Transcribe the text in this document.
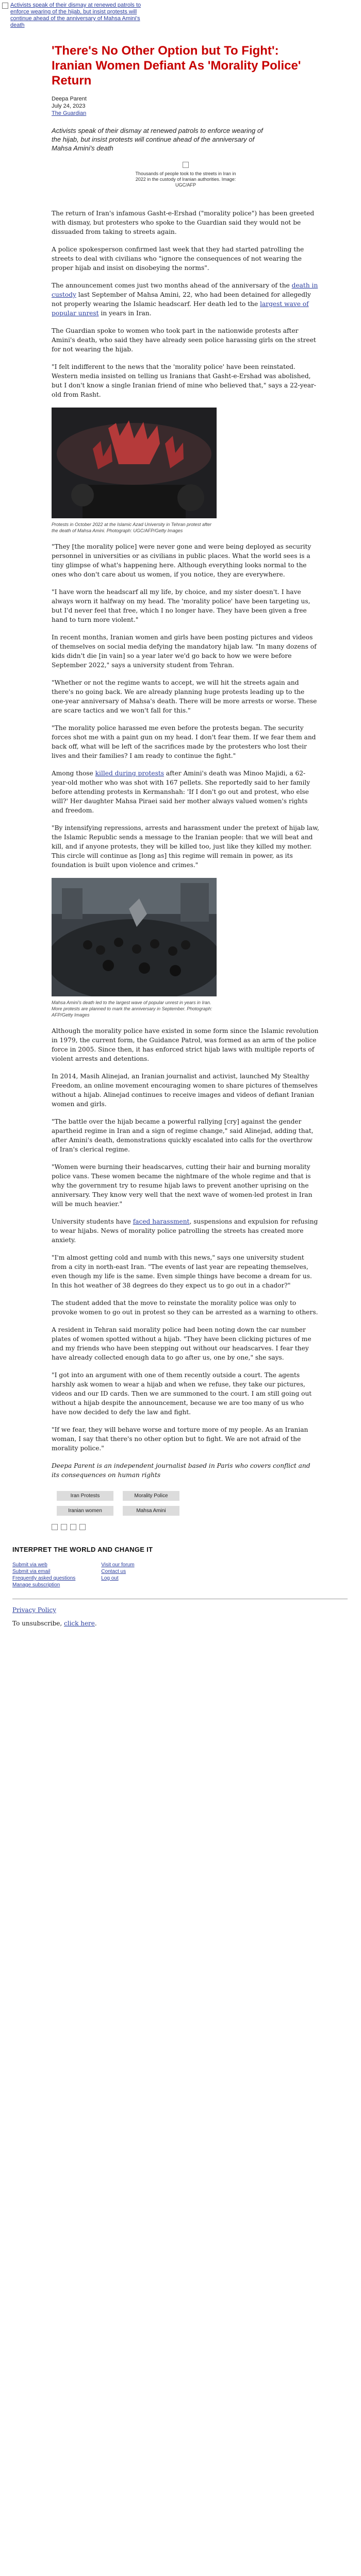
Activists speak of their dismay at renewed patrols to enforce wearing of the hijab, but insist protests will continue ahead of the anniversary of Mahsa Amini's death
'There's No Other Option but To Fight': Iranian Women Defiant As 'Morality Police' Return
Deepa Parent
July 24, 2023
The Guardian

Activists speak of their dismay at renewed patrols to enforce wearing of the hijab, but insist protests will continue ahead of the anniversary of Mahsa Amini's death

Thousands of people took to the streets in Iran in 2022 in the custody of Iranian authorities. Image: UGC/AFP

The return of Iran's infamous Gasht-e-Ershad ("morality police") has been greeted with dismay, but protesters who spoke to the Guardian said they would not be dissuaded from taking to streets again.

A police spokesperson confirmed last week that they had started patrolling the streets to deal with civilians who "ignore the consequences of not wearing the proper hijab and insist on disobeying the norms".

The announcement comes just two months ahead of the anniversary of the death in custody last September of Mahsa Amini, 22, who had been detained for allegedly not properly wearing the Islamic headscarf. Her death led to the largest wave of popular unrest in years in Iran.

The Guardian spoke to women who took part in the nationwide protests after Amini's death, who said they have already seen police harassing girls on the street for not wearing the hijab.

"I felt indifferent to the news that the 'morality police' have been reinstated. Western media insisted on telling us Iranians that Gasht-e-Ershad was abolished, but I don't know a single Iranian friend of mine who believed that," says a 22-year-old from Rasht.

Protests in October 2022 at the Islamic Azad University in Tehran protest after the death of Mahsa Amini. Photograph: UGC/AFP/Getty Images

"They [the morality police] were never gone and were being deployed as security personnel in universities or as civilians in public places. What the world sees is a tiny glimpse of what's happening here. Although everything looks normal to the ones who don't care about us women, if you notice, they are everywhere.

"I have worn the headscarf all my life, by choice, and my sister doesn't. I have always worn it halfway on my head. The 'morality police' have been targeting us, but I'd never feel that free, which I no longer have. They have been given a free hand to turn more violent."

In recent months, Iranian women and girls have been posting pictures and videos of themselves on social media defying the mandatory hijab law. "In many dozens of kids didn't die [in vain] so a year later we'd go back to how we were before September 2022," says a university student from Tehran.

"Whether or not the regime wants to accept, we will hit the streets again and there's no going back. We are already planning huge protests leading up to the one-year anniversary of Mahsa's death. There will be more arrests or worse. These are scare tactics and we won't fall for this."

"The morality police harassed me even before the protests began. The security forces shot me with a paint gun on my head. I don't fear them. If we fear them and back off, what will be left of the sacrifices made by the protesters who lost their lives and their families? I am ready to continue the fight."

Among those killed during protests after Amini's death was Minoo Majidi, a 62-year-old mother who was shot with 167 pellets. She reportedly said to her family before attending protests in Kermanshah: 'If I don't go out and protest, who else will?' Her daughter Mahsa Piraei said her mother always valued women's rights and freedom.

"By intensifying repressions, arrests and harassment under the pretext of hijab law, the Islamic Republic sends a message to the Iranian people: that we will beat and kill, and if anyone protests, they will be killed too, just like they killed my mother. This circle will continue as [long as] this regime will remain in power, as its foundation is built upon violence and crimes."

Mahsa Amini's death led to the largest wave of popular unrest in years in Iran. More protests are planned to mark the anniversary in September. Photograph: AFP/Getty Images

Although the morality police have existed in some form since the Islamic revolution in 1979, the current form, the Guidance Patrol, was formed as an arm of the police force in 2005. Since then, it has enforced strict hijab laws with multiple reports of violent arrests and detentions.

In 2014, Masih Alinejad, an Iranian journalist and activist, launched My Stealthy Freedom, an online movement encouraging women to share pictures of themselves without a hijab. Alinejad continues to receive images and videos of defiant Iranian women and girls.

"The battle over the hijab became a powerful rallying [cry] against the gender apartheid regime in Iran and a sign of regime change," said Alinejad, adding that, after Amini's death, demonstrations quickly escalated into calls for the overthrow of Iran's clerical regime.

"Women were burning their headscarves, cutting their hair and burning morality police vans. These women became the nightmare of the whole regime and that is why the government try to resume hijab laws to prevent another uprising on the anniversary. They know very well that the next wave of women-led protest in Iran will be much heavier."

University students have faced harassment, suspensions and expulsion for refusing to wear hijabs. News of morality police patrolling the streets has created more anxiety.

"I'm almost getting cold and numb with this news," says one university student from a city in north-east Iran. "The events of last year are repeating themselves, even though my life is the same. Even simple things have become a dream for us. In this hot weather of 38 degrees do they expect us to go out in a chador?"

The student added that the move to reinstate the morality police was only to provoke women to go out in protest so they can be arrested as a warning to others.

A resident in Tehran said morality police had been noting down the car number plates of women spotted without a hijab. "They have been clicking pictures of me and my friends who have been stepping out without our headscarves. I fear they have already collected enough data to go after us, one by one," she says.

"I got into an argument with one of them recently outside a court. The agents harshly ask women to wear a hijab and when we refuse, they take our pictures, videos and our ID cards. Then we are summoned to the court. I am still going out without a hijab despite the announcement, because we are too many of us who have now decided to defy the law and fight.

"If we fear, they will behave worse and torture more of my people. As an Iranian woman, I say that there's no other option but to fight. We are not afraid of the morality police."

Deepa Parent is an independent journalist based in Paris who covers conflict and its consequences on human rights

Iran Protests	Morality Police
Iranian women	Mahsa Amini
INTERPRET THE WORLD AND CHANGE IT
Submit via web
Submit via email
Frequently asked questions
Manage subscription
Visit our forum
Contact us
Log out

Privacy Policy

To unsubscribe, click here.
